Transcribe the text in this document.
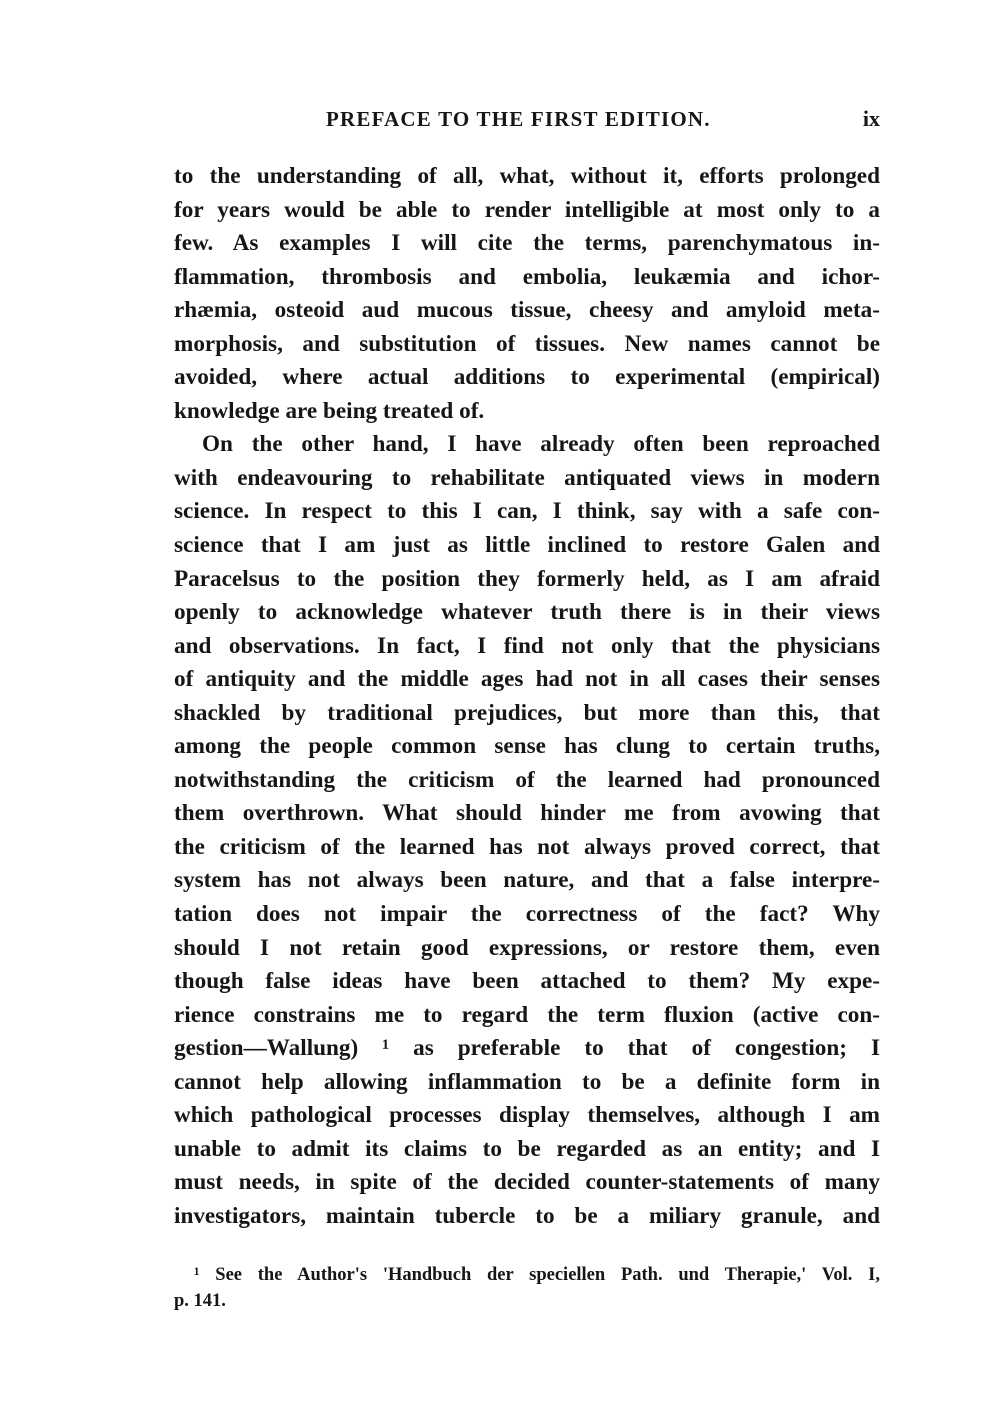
PREFACE TO THE FIRST EDITION.	ix
to the understanding of all, what, without it, efforts prolonged
for years would be able to render intelligible at most only to a
few. As examples I will cite the terms, parenchymatous in-
flammation, thrombosis and embolia, leukæmia and ichor-
rhæmia, osteoid aud mucous tissue, cheesy and amyloid meta-
morphosis, and substitution of tissues. New names cannot be
avoided, where actual additions to experimental (empirical)
knowledge are being treated of.
On the other hand, I have already often been reproached
with endeavouring to rehabilitate antiquated views in modern
science. In respect to this I can, I think, say with a safe con-
science that I am just as little inclined to restore Galen and
Paracelsus to the position they formerly held, as I am afraid
openly to acknowledge whatever truth there is in their views
and observations. In fact, I find not only that the physicians
of antiquity and the middle ages had not in all cases their senses
shackled by traditional prejudices, but more than this, that
among the people common sense has clung to certain truths,
notwithstanding the criticism of the learned had pronounced
them overthrown. What should hinder me from avowing that
the criticism of the learned has not always proved correct, that
system has not always been nature, and that a false interpre-
tation does not impair the correctness of the fact? Why
should I not retain good expressions, or restore them, even
though false ideas have been attached to them? My expe-
rience constrains me to regard the term fluxion (active con-
gestion—Wallung) ¹ as preferable to that of congestion; I
cannot help allowing inflammation to be a definite form in
which pathological processes display themselves, although I am
unable to admit its claims to be regarded as an entity; and I
must needs, in spite of the decided counter-statements of many
investigators, maintain tubercle to be a miliary granule, and
¹ See the Author's 'Handbuch der speciellen Path. und Therapie,' Vol. I,
p. 141.
